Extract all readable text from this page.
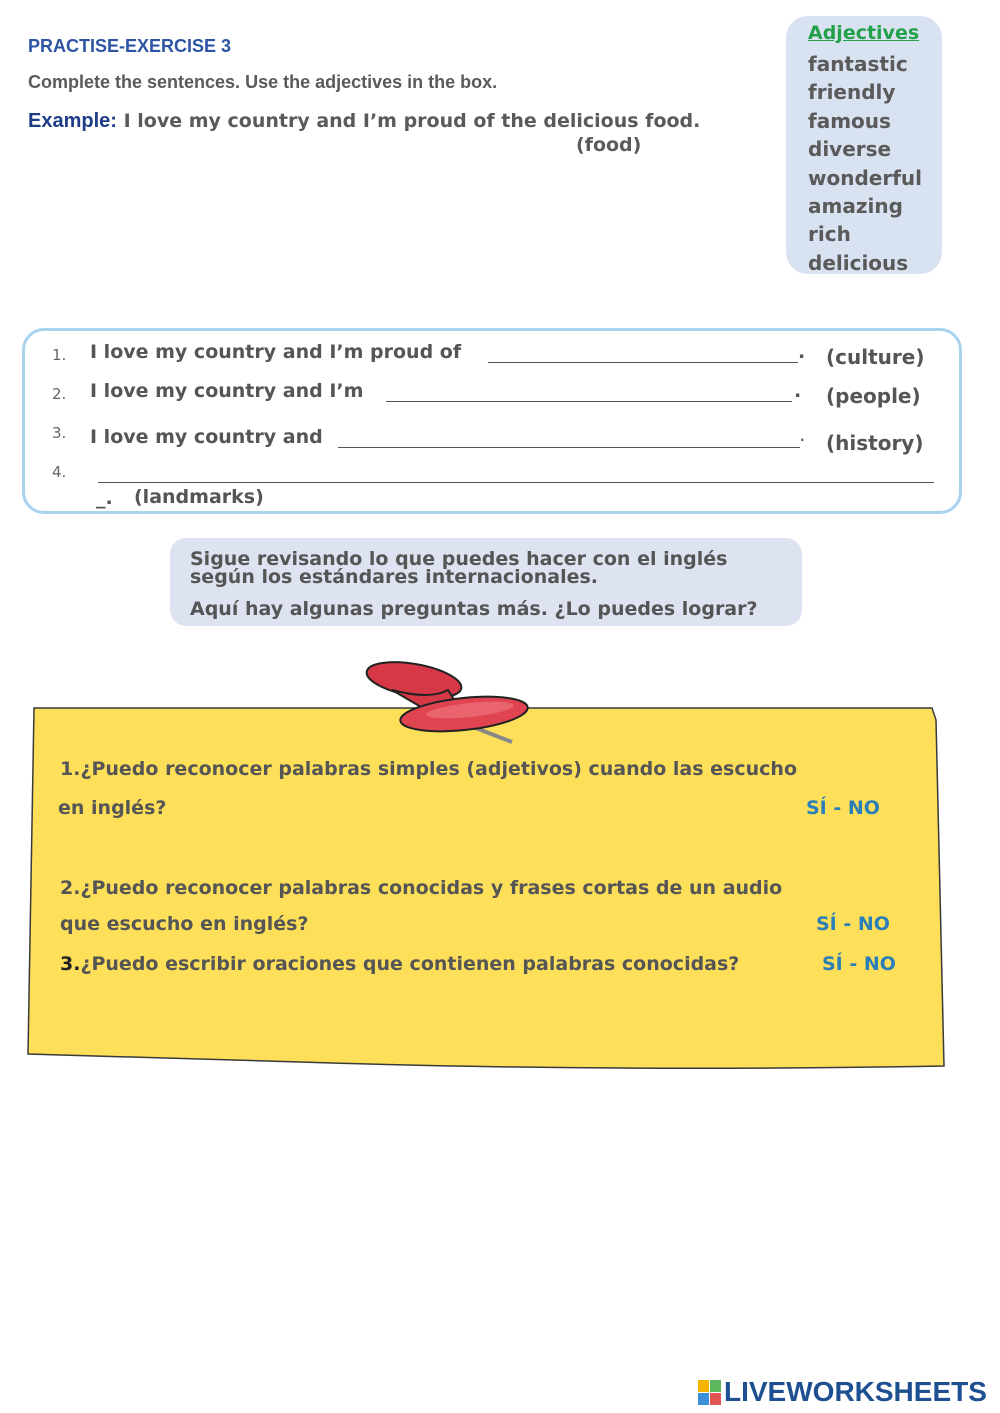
PRACTISE-EXERCISE 3
Complete the sentences. Use the adjectives in the box.
Example: I love my country and I’m proud of the delicious food.
(food)
Adjectives
fantastic
friendly
famous
diverse
wonderful
amazing
rich
delicious
1. I love my country and I’m proud of	. (culture)
2. I love my country and I’m	. (people)
3. I love my country and	. (history)
4.
_. (landmarks)
Sigue revisando lo que puedes hacer con el inglés
según los estándares internacionales.
Aquí hay algunas preguntas más. ¿Lo puedes lograr?
1.¿Puedo reconocer palabras simples (adjetivos) cuando las escucho
en inglés?	SÍ - NO
2.¿Puedo reconocer palabras conocidas y frases cortas de un audio
que escucho en inglés?	SÍ - NO
3.¿Puedo escribir oraciones que contienen palabras conocidas?	SÍ - NO
LIVEWORKSHEETS
